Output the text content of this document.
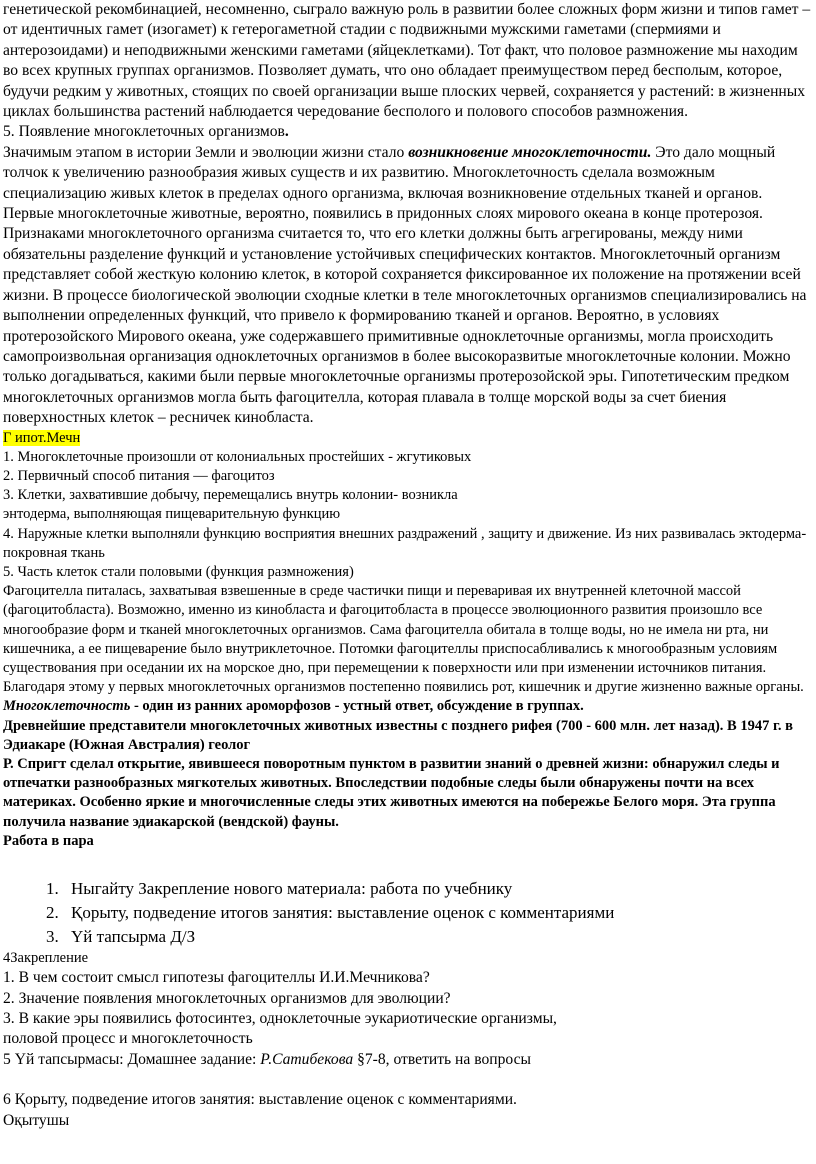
генетической рекомбинацией, несомненно, сыграло важную роль в развитии более сложных форм жизни и типов гамет – от идентичных гамет (изогамет) к гетерогаметной стадии с подвижными мужскими гаметами (спермиями и антерозоидами) и неподвижными женскими гаметами (яйцеклетками). Тот факт, что половое размножение мы находим во всех крупных группах организмов. Позволяет думать, что оно обладает преимуществом перед бесполым, которое, будучи редким у животных, стоящих по своей организации выше плоских червей, сохраняется у растений: в жизненных циклах большинства растений наблюдается чередование бесполого и полового способов размножения.

5. Появление многоклеточных организмов.

Значимым этапом в истории Земли и эволюции жизни стало возникновение многоклеточности. Это дало мощный толчок к увеличению разнообразия живых существ и их развитию. Многоклеточность сделала возможным специализацию живых клеток в пределах одного организма, включая возникновение отдельных тканей и органов. Первые многоклеточные животные, вероятно, появились в придонных слоях мирового океана в конце протерозоя.

Признаками многоклеточного организма считается то, что его клетки должны быть агрегированы, между ними обязательны разделение функций и установление устойчивых специфических контактов. Многоклеточный организм представляет собой жесткую колонию клеток, в которой сохраняется фиксированное их положение на протяжении всей жизни. В процессе биологической эволюции сходные клетки в теле многоклеточных организмов специализировались на выполнении определенных функций, что привело к формированию тканей и органов. Вероятно, в условиях протерозойского Мирового океана, уже содержавшего примитивные одноклеточные организмы, могла происходить самопроизвольная организация одноклеточных организмов в более высокоразвитые многоклеточные колонии. Можно только догадываться, какими были первые многоклеточные организмы протерозойской эры. Гипотетическим предком многоклеточных организмов могла быть фагоцителла, которая плавала в толще морской воды за счет биения поверхностных клеток – ресничек кинобласта.

Г ипот.Мечн

1. Многоклеточные произошли от колониальных простейших - жгутиковых

2. Первичный способ питания — фагоцитоз

3. Клетки, захватившие добычу, перемещались внутрь колонии- возникла

энтодерма, выполняющая пищеварительную функцию

4. Наружные клетки выполняли функцию восприятия внешних раздражений , защиту и движение. Из них развивалась эктодерма- покровная ткань

5. Часть клеток стали половыми (функция размножения)

Фагоцителла питалась, захватывая взвешенные в среде частички пищи и переваривая их внутренней клеточной массой (фагоцитобласта). Возможно, именно из кинобласта и фагоцитобласта в процессе эволюционного развития произошло все многообразие форм и тканей многоклеточных организмов. Сама фагоцителла обитала в толще воды, но не имела ни рта, ни кишечника, а ее пищеварение было внутриклеточное. Потомки фагоцителлы приспосабливались к многообразным условиям существования при оседании их на морское дно, при перемещении к поверхности или при изменении источников питания. Благодаря этому у первых многоклеточных организмов постепенно появились рот, кишечник и другие жизненно важные органы.

Многоклеточность - один из ранних ароморфозов - устный ответ, обсуждение в группах.

Древнейшие представители многоклеточных животных известны с позднего рифея (700 - 600 млн. лет назад). В 1947 г. в Эдиакаре (Южная Австралия) геолог

Р. Спригт сделал открытие, явившееся поворотным пунктом в развитии знаний о древней жизни: обнаружил следы и отпечатки разнообразных мягкотелых животных. Впоследствии подобные следы были обнаружены почти на всех материках. Особенно яркие и многочисленные следы этих животных имеются на побережье Белого моря. Эта группа получила название эдиакарской (вендской) фауны.

Работа в пара

1. Ныгайту Закрепление нового материала: работа по учебнику
2. Қорыту, подведение итогов занятия: выставление оценок с комментариями
3. Үй тапсырма Д/З

4Закрепление

1. В чем состоит смысл гипотезы фагоцителлы И.И.Мечникова?

2. Значение появления многоклеточных организмов для эволюции?

3. В какие эры появились фотосинтез, одноклеточные эукариотические организмы,

половой процесс и многоклеточность

5 Үй тапсырмасы: Домашнее задание: Р.Сатибекова §7-8, ответить на вопросы

6 Қорыту, подведение итогов занятия: выставление оценок с комментариями.

Оқытушы
